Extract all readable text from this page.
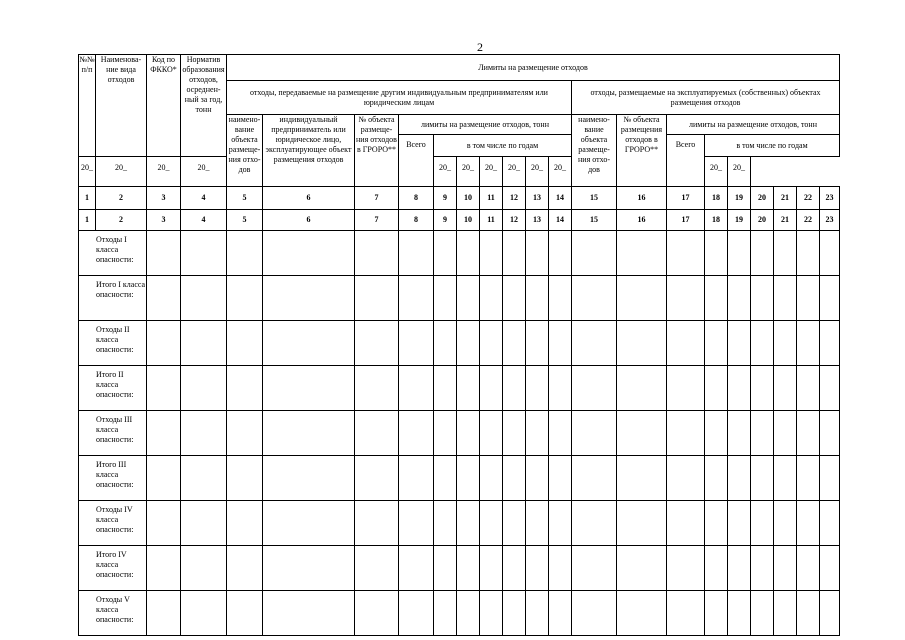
2
№№ п/п	Наименова- ние вида отходов	Код по ФККО*	Норматив образования отходов, осреднен- ный за год, тонн	Лимиты на размещение отходов																		
				отходы, передаваемые на размещение другим индивидуальным предпринимателям или юридическим лицам										отходы, размещаемые на эксплуатируемых (собственных) объектах размещения отходов								
				наимено- вание объекта размеще- ния отхо- дов	индивидуальный предприниматель или юридическое лицо, эксплуатирующее объект размещения отходов	№ объекта размеще- ния отходов в ГРОРО**	лимиты на размещение отходов, тонн							наимено- вание объекта размеще- ния отхо- дов	№ объекта размещения отходов в ГРОРО**	лимиты на размещение отходов, тонн						
							Всего	в том числе по годам								Всего	в том числе по годам					
20_	20_	20_	20_					20_	20_	20_	20_	20_	20_				20_	20_				
1	2	3	4	5	6	7	8	9	10	11	12	13	14	15	16	17	18	19	20	21	22	23
1	2	3	4	5	6	7	8	9	10	11	12	13	14	15	16	17	18	19	20	21	22	23
Отходы I класса опасности:																						
Итого I класса опасности:																						
Отходы II класса опасности:																						
Итого II класса опасности:																						
Отходы III класса опасности:																						
Итого III класса опасности:																						
Отходы IV класса опасности:																						
Итого IV класса опасности:																						
Отходы V класса опасности:																						
